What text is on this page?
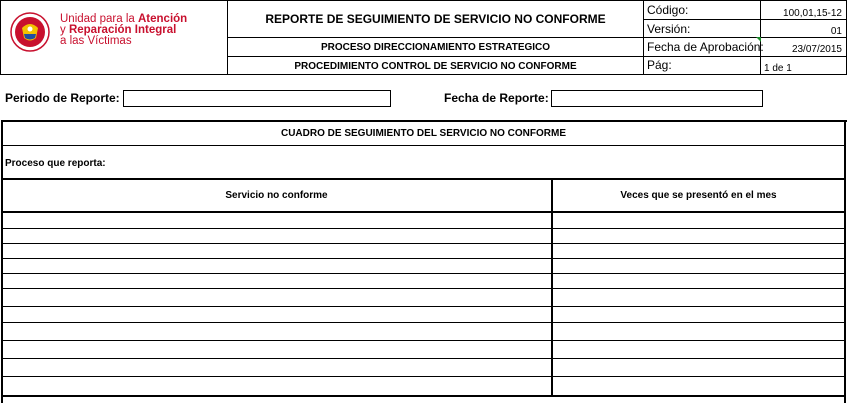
Unidad para la Atención
y Reparación Integral
a las Víctimas
REPORTE DE SEGUIMIENTO DE SERVICIO NO CONFORME
PROCESO DIRECCIONAMIENTO ESTRATEGICO
PROCEDIMIENTO CONTROL DE SERVICIO NO CONFORME
Código:	100,01,15-12
Versión:	01
Fecha de Aprobación:	23/07/2015
Pág:	1 de 1
Periodo de Reporte:	Fecha de Reporte:
CUADRO DE SEGUIMIENTO DEL SERVICIO NO CONFORME
Proceso que reporta:
Servicio no conforme	Veces que se presentó en el mes
